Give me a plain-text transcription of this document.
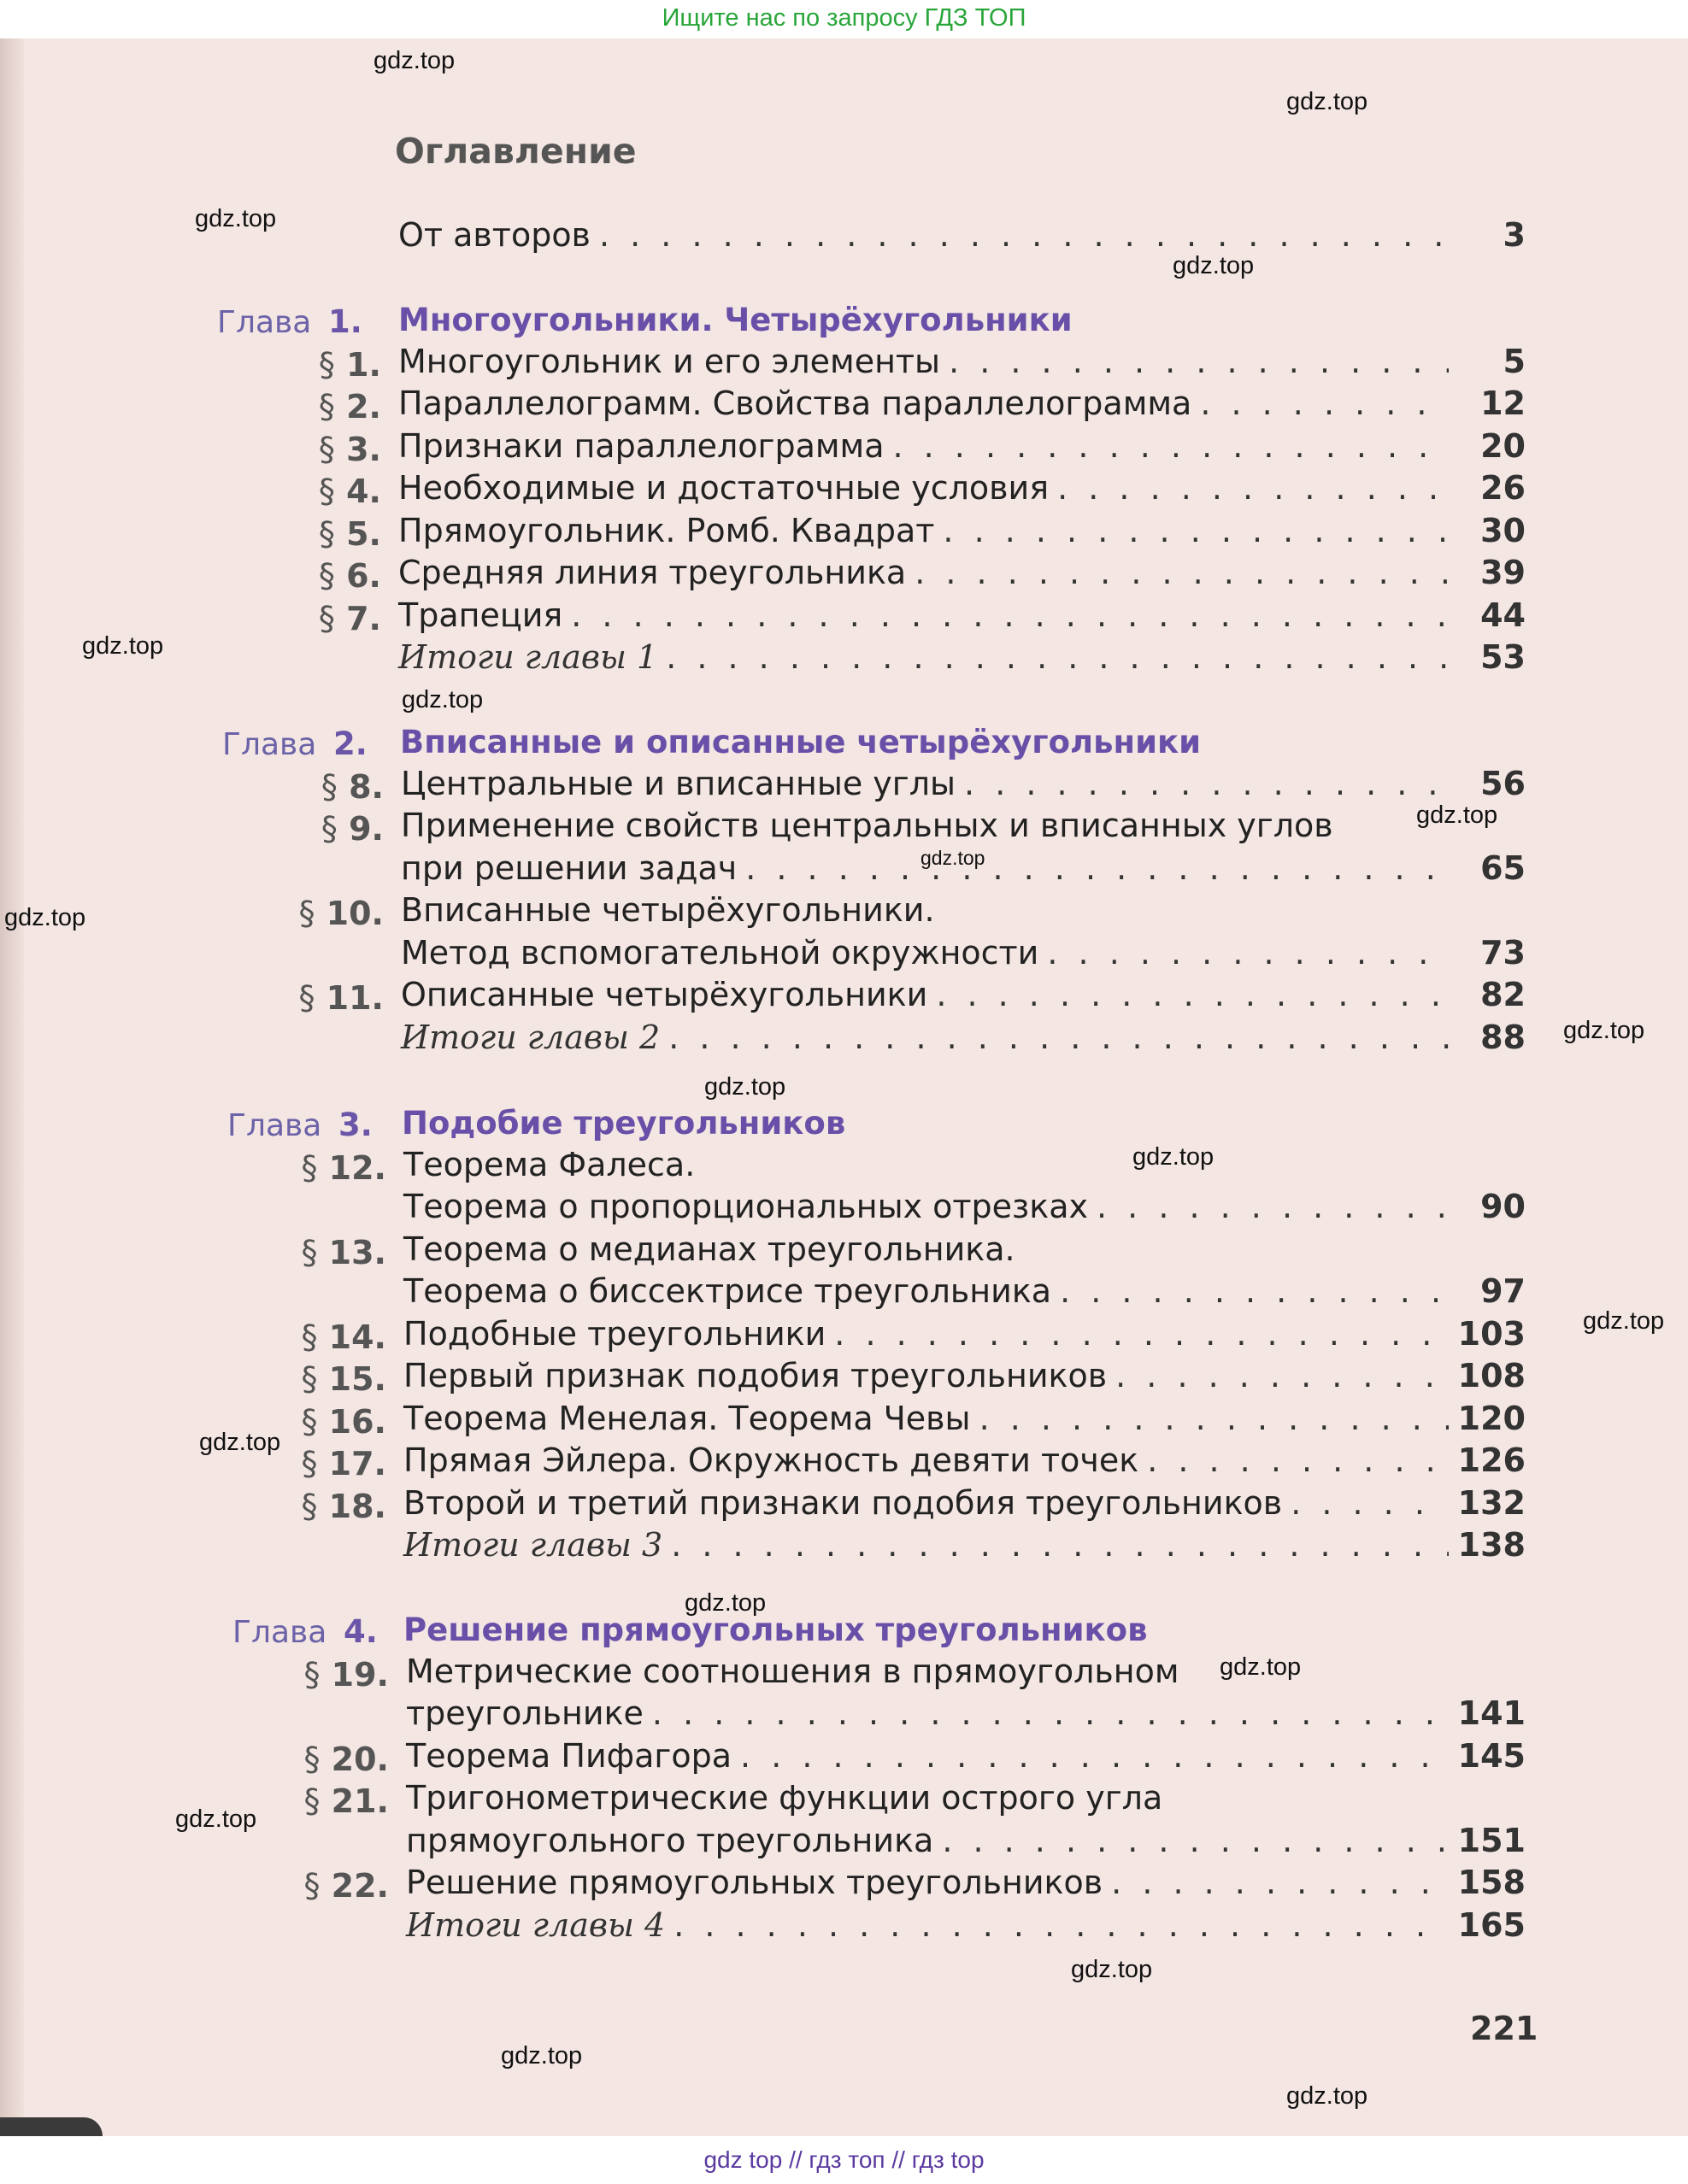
Ищите нас по запросу ГДЗ ТОП
Оглавление
От авторов . . .	3
Глава 1. Многоугольники. Четырёхугольники
§ 1. Многоугольник и его элементы . . .	5
§ 2. Параллелограмм. Свойства параллелограмма . . .	12
§ 3. Признаки параллелограмма . . .	20
§ 4. Необходимые и достаточные условия . . .	26
§ 5. Прямоугольник. Ромб. Квадрат . . .	30
§ 6. Средняя линия треугольника . . .	39
§ 7. Трапеция . . .	44
Итоги главы 1 . . .	53
Глава 2. Вписанные и описанные четырёхугольники
§ 8. Центральные и вписанные углы . . .	56
§ 9. Применение свойств центральных и вписанных углов
при решении задач . . .	65
§ 10. Вписанные четырёхугольники.
Метод вспомогательной окружности . . .	73
§ 11. Описанные четырёхугольники . . .	82
Итоги главы 2 . . .	88
Глава 3. Подобие треугольников
§ 12. Теорема Фалеса.
Теорема о пропорциональных отрезках . . .	90
§ 13. Теорема о медианах треугольника.
Теорема о биссектрисе треугольника . . .	97
§ 14. Подобные треугольники . . .	103
§ 15. Первый признак подобия треугольников . . .	108
§ 16. Теорема Менелая. Теорема Чевы . . .	120
§ 17. Прямая Эйлера. Окружность девяти точек . . .	126
§ 18. Второй и третий признаки подобия треугольников . . .	132
Итоги главы 3 . . .	138
Глава 4. Решение прямоугольных треугольников
§ 19. Метрические соотношения в прямоугольном
треугольнике . . .	141
§ 20. Теорема Пифагора . . .	145
§ 21. Тригонометрические функции острого угла
прямоугольного треугольника . . .	151
§ 22. Решение прямоугольных треугольников . . .	158
Итоги главы 4 . . .	165
221
gdz.top
gdz.top
gdz.top
gdz.top
gdz.top
gdz.top
gdz.top
gdz.top
gdz.top
gdz.top
gdz.top
gdz.top
gdz.top
gdz.top
gdz.top
gdz.top
gdz.top
gdz.top
gdz.top
gdz.top
gdz top // гдз топ // гдз top
